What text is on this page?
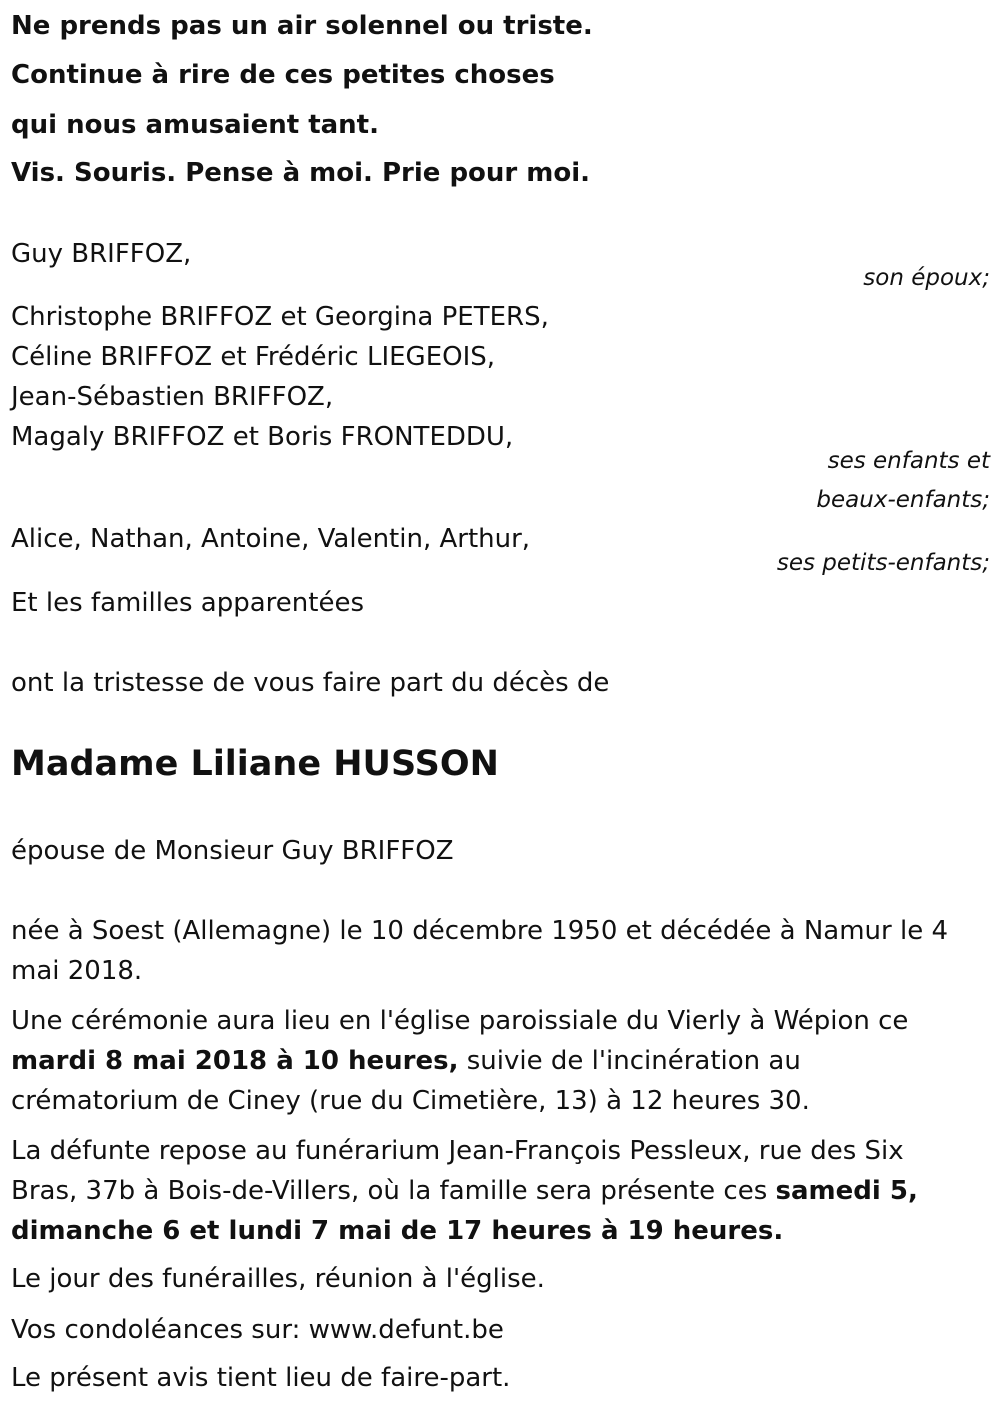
Ne prends pas un air solennel ou triste.
Continue à rire de ces petites choses
qui nous amusaient tant.
Vis. Souris. Pense à moi. Prie pour moi.
Guy BRIFFOZ,
son époux;
Christophe BRIFFOZ et Georgina PETERS,
Céline BRIFFOZ et Frédéric LIEGEOIS,
Jean-Sébastien BRIFFOZ,
Magaly BRIFFOZ et Boris FRONTEDDU,
ses enfants et
beaux-enfants;
Alice, Nathan, Antoine, Valentin, Arthur,
ses petits-enfants;
Et les familles apparentées
ont la tristesse de vous faire part du décès de
Madame Liliane HUSSON
épouse de Monsieur Guy BRIFFOZ
née à Soest (Allemagne) le 10 décembre 1950 et décédée à Namur le 4 mai 2018.
Une cérémonie aura lieu en l'église paroissiale du Vierly à Wépion ce mardi 8 mai 2018 à 10 heures, suivie de l'incinération au crématorium de Ciney (rue du Cimetière, 13) à 12 heures 30.
La défunte repose au funérarium Jean-François Pessleux, rue des Six Bras, 37b à Bois-de-Villers, où la famille sera présente ces samedi 5, dimanche 6 et lundi 7 mai de 17 heures à 19 heures.
Le jour des funérailles, réunion à l'église.
Vos condoléances sur: www.defunt.be
Le présent avis tient lieu de faire-part.
